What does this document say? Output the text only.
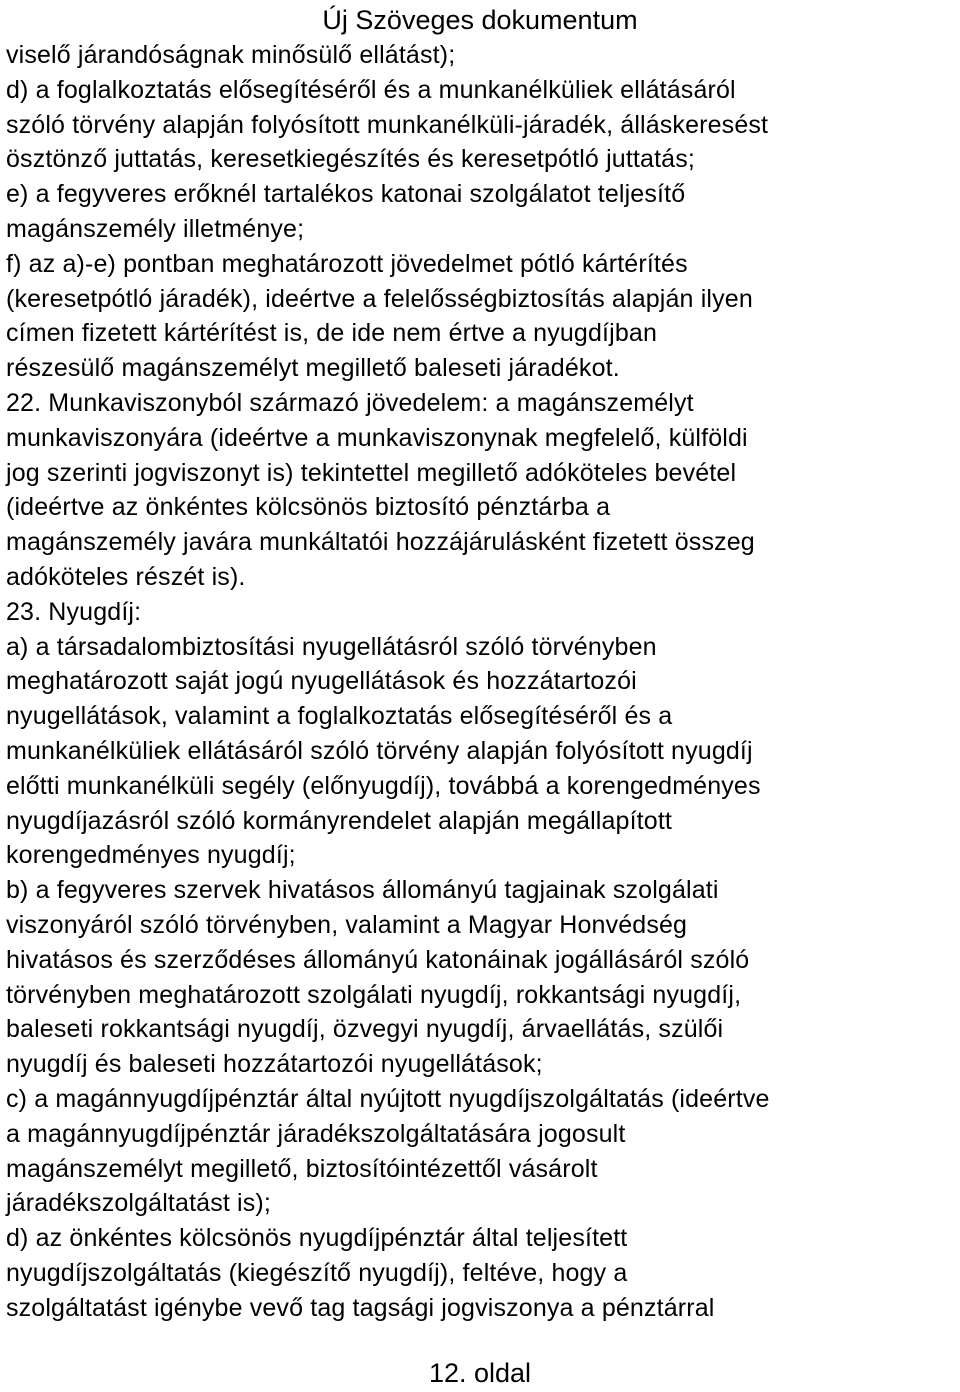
Új Szöveges dokumentum
viselő járandóságnak minősülő ellátást);
d) a foglalkoztatás elősegítéséről és a munkanélküliek ellátásáról
szóló törvény alapján folyósított munkanélküli-járadék, álláskeresést
ösztönző juttatás, keresetkiegészítés és keresetpótló juttatás;
e) a fegyveres erőknél tartalékos katonai szolgálatot teljesítő
magánszemély illetménye;
f) az a)-e) pontban meghatározott jövedelmet pótló kártérítés
(keresetpótló járadék), ideértve a felelősségbiztosítás alapján ilyen
címen fizetett kártérítést is, de ide nem értve a nyugdíjban
részesülő magánszemélyt megillető baleseti járadékot.
22. Munkaviszonyból származó jövedelem: a magánszemélyt
munkaviszonyára (ideértve a munkaviszonynak megfelelő, külföldi
jog szerinti jogviszonyt is) tekintettel megillető adóköteles bevétel
(ideértve az önkéntes kölcsönös biztosító pénztárba a
magánszemély javára munkáltatói hozzájárulásként fizetett összeg
adóköteles részét is).
23. Nyugdíj:
a) a társadalombiztosítási nyugellátásról szóló törvényben
meghatározott saját jogú nyugellátások és hozzátartozói
nyugellátások, valamint a foglalkoztatás elősegítéséről és a
munkanélküliek ellátásáról szóló törvény alapján folyósított nyugdíj
előtti munkanélküli segély (előnyugdíj), továbbá a korengedményes
nyugdíjazásról szóló kormányrendelet alapján megállapított
korengedményes nyugdíj;
b) a fegyveres szervek hivatásos állományú tagjainak szolgálati
viszonyáról szóló törvényben, valamint a Magyar Honvédség
hivatásos és szerződéses állományú katonáinak jogállásáról szóló
törvényben meghatározott szolgálati nyugdíj, rokkantsági nyugdíj,
baleseti rokkantsági nyugdíj, özvegyi nyugdíj, árvaellátás, szülői
nyugdíj és baleseti hozzátartozói nyugellátások;
c) a magánnyugdíjpénztár által nyújtott nyugdíjszolgáltatás (ideértve
a magánnyugdíjpénztár járadékszolgáltatására jogosult
magánszemélyt megillető, biztosítóintézettől vásárolt
járadékszolgáltatást is);
d) az önkéntes kölcsönös nyugdíjpénztár által teljesített
nyugdíjszolgáltatás (kiegészítő nyugdíj), feltéve, hogy a
szolgáltatást igénybe vevő tag tagsági jogviszonya a pénztárral
12. oldal
